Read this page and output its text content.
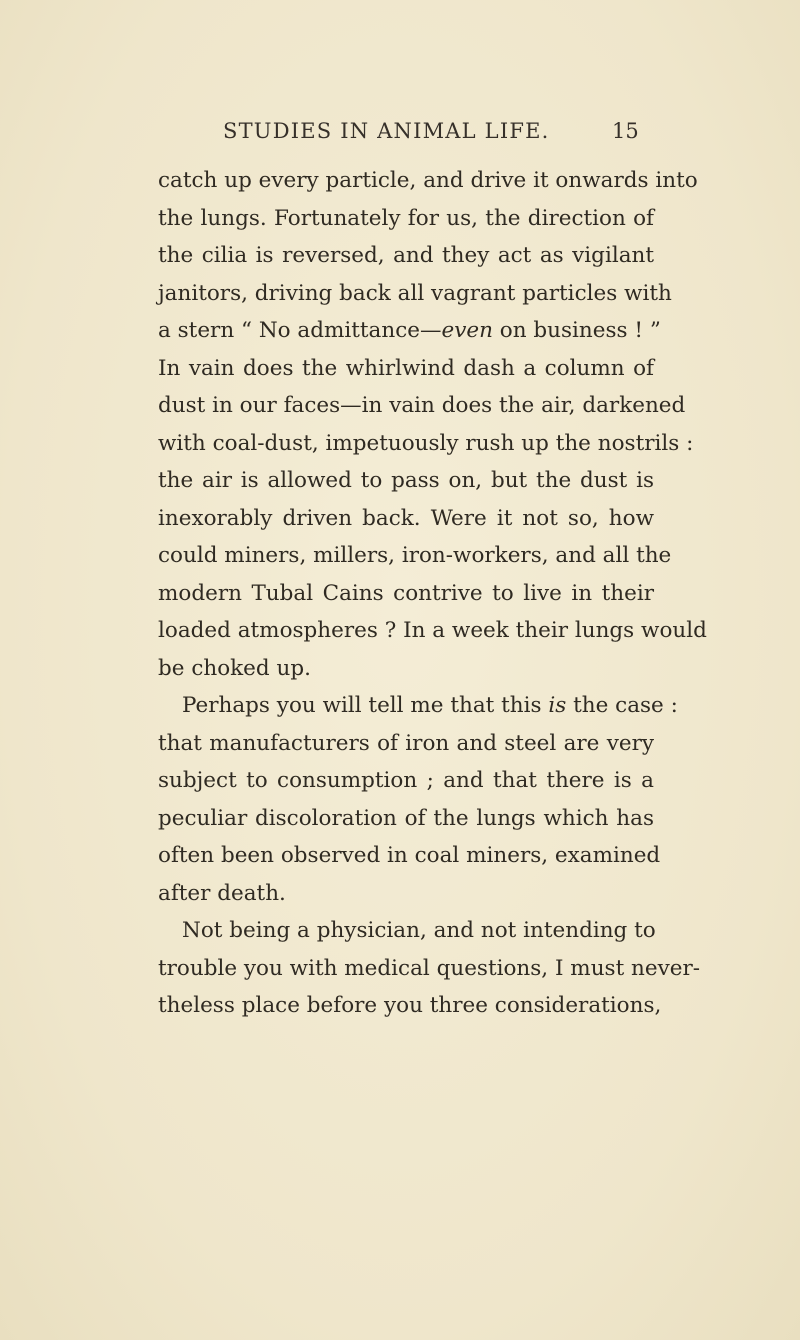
STUDIES IN ANIMAL LIFE.	15
catch up every particle, and drive it onwards into
the lungs. Fortunately for us, the direction of
the cilia is reversed, and they act as vigilant
janitors, driving back all vagrant particles with
a stern “ No admittance—even on business ! ”
In vain does the whirlwind dash a column of
dust in our faces—in vain does the air, darkened
with coal-dust, impetuously rush up the nostrils :
the air is allowed to pass on, but the dust is
inexorably driven back. Were it not so, how
could miners, millers, iron-workers, and all the
modern Tubal Cains contrive to live in their
loaded atmospheres ? In a week their lungs would
be choked up.
Perhaps you will tell me that this is the case :
that manufacturers of iron and steel are very
subject to consumption ; and that there is a
peculiar discoloration of the lungs which has
often been observed in coal miners, examined
after death.
Not being a physician, and not intending to
trouble you with medical questions, I must never-
theless place before you three considerations,
